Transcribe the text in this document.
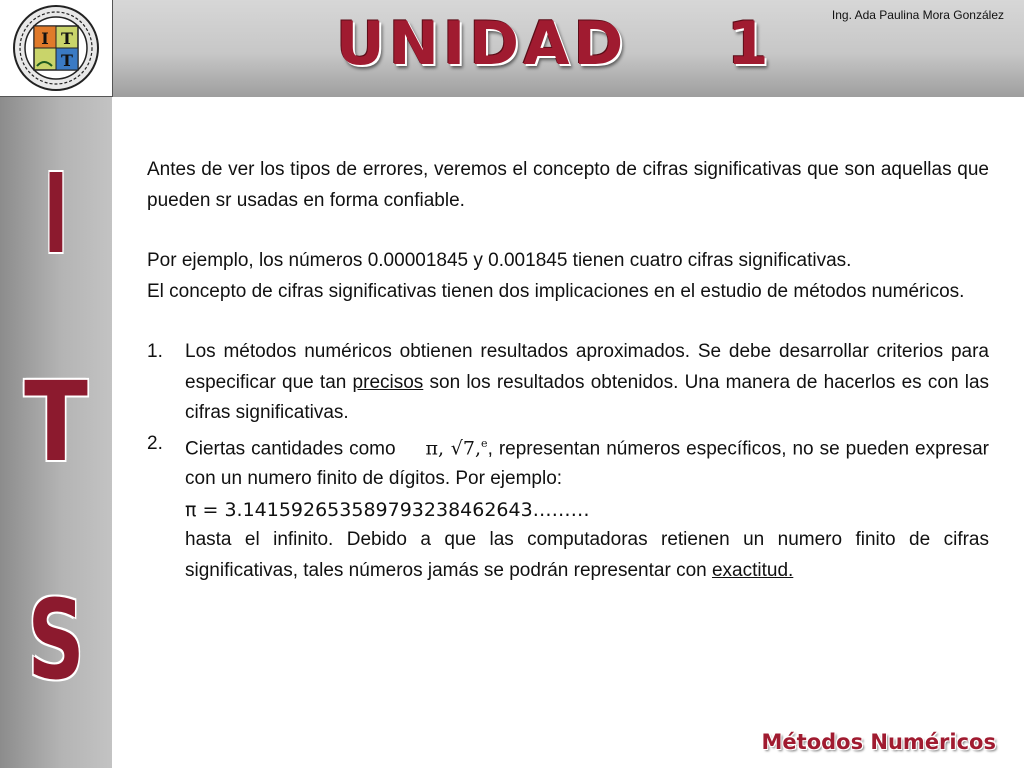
I T
T	UNIDAD    1	Ing. Ada Paulina Mora González
I
T
S

Antes de ver los tipos de errores, veremos el concepto de cifras significativas que son aquellas que pueden sr usadas en forma confiable.

Por ejemplo, los números 0.00001845 y 0.001845 tienen cuatro cifras significativas.

El concepto de cifras significativas tienen dos implicaciones en el estudio de métodos numéricos.

1. Los métodos numéricos obtienen resultados aproximados. Se debe desarrollar criterios para especificar que tan precisos son los resultados obtenidos. Una manera de hacerlos es con las cifras significativas.
2. Ciertas cantidades como     π, √7,$^e$, representan números específicos, no se pueden expresar con un numero finito de dígitos. Por ejemplo:
π = 3.141592653589793238462643………
hasta el infinito. Debido a que las computadoras retienen un numero finito de cifras significativas, tales números jamás se podrán representar con exactitud.
Métodos Numéricos
